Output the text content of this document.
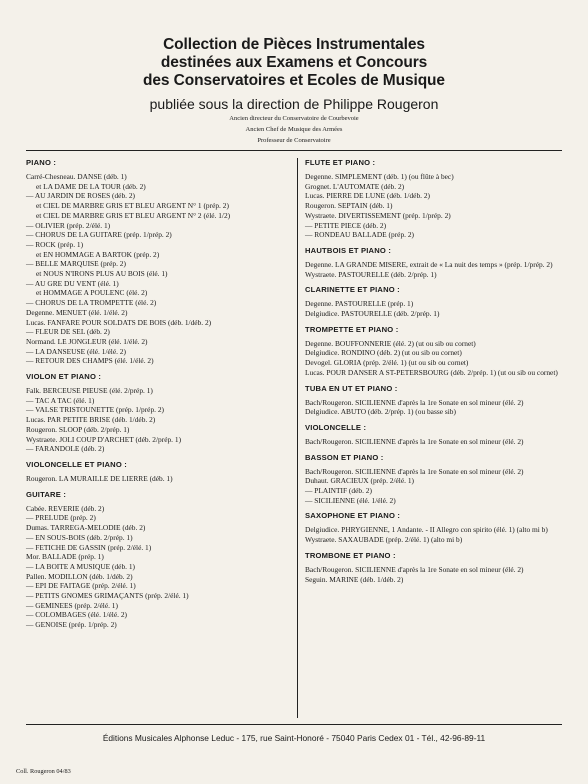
Collection de Pièces Instrumentales
destinées aux Examens et Concours
des Conservatoires et Ecoles de Musique
publiée sous la direction de Philippe Rougeron
Ancien directeur du Conservatoire de Courbevoie
Ancien Chef de Musique des Armées
Professeur de Conservatoire
PIANO :
Carré-Chesneau. DANSE (déb. 1)
et LA DAME DE LA TOUR (déb. 2)
— AU JARDIN DE ROSES (déb. 2)
et CIEL DE MARBRE GRIS ET BLEU ARGENT N° 1 (prép. 2)
et CIEL DE MARBRE GRIS ET BLEU ARGENT N° 2 (élé. 1/2)
— OLIVIER (prép. 2/élé. 1)
— CHORUS DE LA GUITARE (prép. 1/prép. 2)
— ROCK (prép. 1)
et EN HOMMAGE A BARTOK (prép. 2)
— BELLE MARQUISE (prép. 2)
et NOUS N'IRONS PLUS AU BOIS (élé. 1)
— AU GRE DU VENT (élé. 1)
et HOMMAGE A POULENC (élé. 2)
— CHORUS DE LA TROMPETTE (élé. 2)
Degenne. MENUET (élé. 1/élé. 2)
Lucas. FANFARE POUR SOLDATS DE BOIS (déb. 1/déb. 2)
— FLEUR DE SEL (déb. 2)
Normand. LE JONGLEUR (élé. 1/élé. 2)
— LA DANSEUSE (élé. 1/élé. 2)
— RETOUR DES CHAMPS (élé. 1/élé. 2)
VIOLON ET PIANO :
Falk. BERCEUSE PIEUSE (élé. 2/prép. 1)
— TAC A TAC (élé. 1)
— VALSE TRISTOUNETTE (prép. 1/prép. 2)
Lucas. PAR PETITE BRISE (déb. 1/déb. 2)
Rougeron. SLOOP (déb. 2/prép. 1)
Wystraete. JOLI COUP D'ARCHET (déb. 2/prép. 1)
— FARANDOLE (déb. 2)
VIOLONCELLE ET PIANO :
Rougeron. LA MURAILLE DE LIERRE (déb. 1)
GUITARE :
Cabée. REVERIE (déb. 2)
— PRELUDE (prép. 2)
Dumas. TARREGA-MELODIE (déb. 2)
— EN SOUS-BOIS (déb. 2/prép. 1)
— FETICHE DE GASSIN (prép. 2/élé. 1)
Mor. BALLADE (prép. 1)
— LA BOITE A MUSIQUE (déb. 1)
Pallen. MODILLON (déb. 1/déb. 2)
— EPI DE FAITAGE (prép. 2/élé. 1)
— PETITS GNOMES GRIMAÇANTS (prép. 2/élé. 1)
— GEMINEES (prép. 2/élé. 1)
— COLOMBAGES (élé. 1/élé. 2)
— GENOISE (prép. 1/prép. 2)
FLUTE ET PIANO :
Degenne. SIMPLEMENT (déb. 1) (ou flûte à bec)
Grognet. L'AUTOMATE (déb. 2)
Lucas. PIERRE DE LUNE (déb. 1/déb. 2)
Rougeron. SEPTAIN (déb. 1)
Wystraete. DIVERTISSEMENT (prép. 1/prép. 2)
— PETITE PIECE (déb. 2)
— RONDEAU BALLADE (prép. 2)
HAUTBOIS ET PIANO :
Degenne. LA GRANDE MISERE, extrait de « La nuit des temps » (prép. 1/prép. 2)
Wystraete. PASTOURELLE (déb. 2/prép. 1)
CLARINETTE ET PIANO :
Degenne. PASTOURELLE (prép. 1)
Delgiudice. PASTOURELLE (déb. 2/prép. 1)
TROMPETTE ET PIANO :
Degenne. BOUFFONNERIE (élé. 2) (ut ou sib ou cornet)
Delgiudice. RONDINO (déb. 2) (ut ou sib ou cornet)
Devogel. GLORIA (prép. 2/élé. 1) (ut ou sib ou cornet)
Lucas. POUR DANSER A ST-PETERSBOURG (déb. 2/prép. 1) (ut ou sib ou cornet)
TUBA EN UT ET PIANO :
Bach/Rougeron. SICILIENNE d'après la 1re Sonate en sol mineur (élé. 2)
Delgiudice. ABUTO (déb. 2/prép. 1) (ou basse sib)
VIOLONCELLE :
Bach/Rougeron. SICILIENNE d'après la 1re Sonate en sol mineur (élé. 2)
BASSON ET PIANO :
Bach/Rougeron. SICILIENNE d'après la 1re Sonate en sol mineur (élé. 2)
Duhaut. GRACIEUX (prép. 2/élé. 1)
— PLAINTIF (déb. 2)
— SICILIENNE (élé. 1/élé. 2)
SAXOPHONE ET PIANO :
Delgiudice. PHRYGIENNE, 1 Andante. - II Allegro con spirito (élé. 1) (alto mi b)
Wystraete. SAXAUBADE (prép. 2/élé. 1) (alto mi b)
TROMBONE ET PIANO :
Bach/Rougeron. SICILIENNE d'après la 1re Sonate en sol mineur (élé. 2)
Seguin. MARINE (déb. 1/déb. 2)
Éditions Musicales Alphonse Leduc - 175, rue Saint-Honoré - 75040 Paris Cedex 01 - Tél., 42-96-89-11
Coll. Rougeron 04/83
